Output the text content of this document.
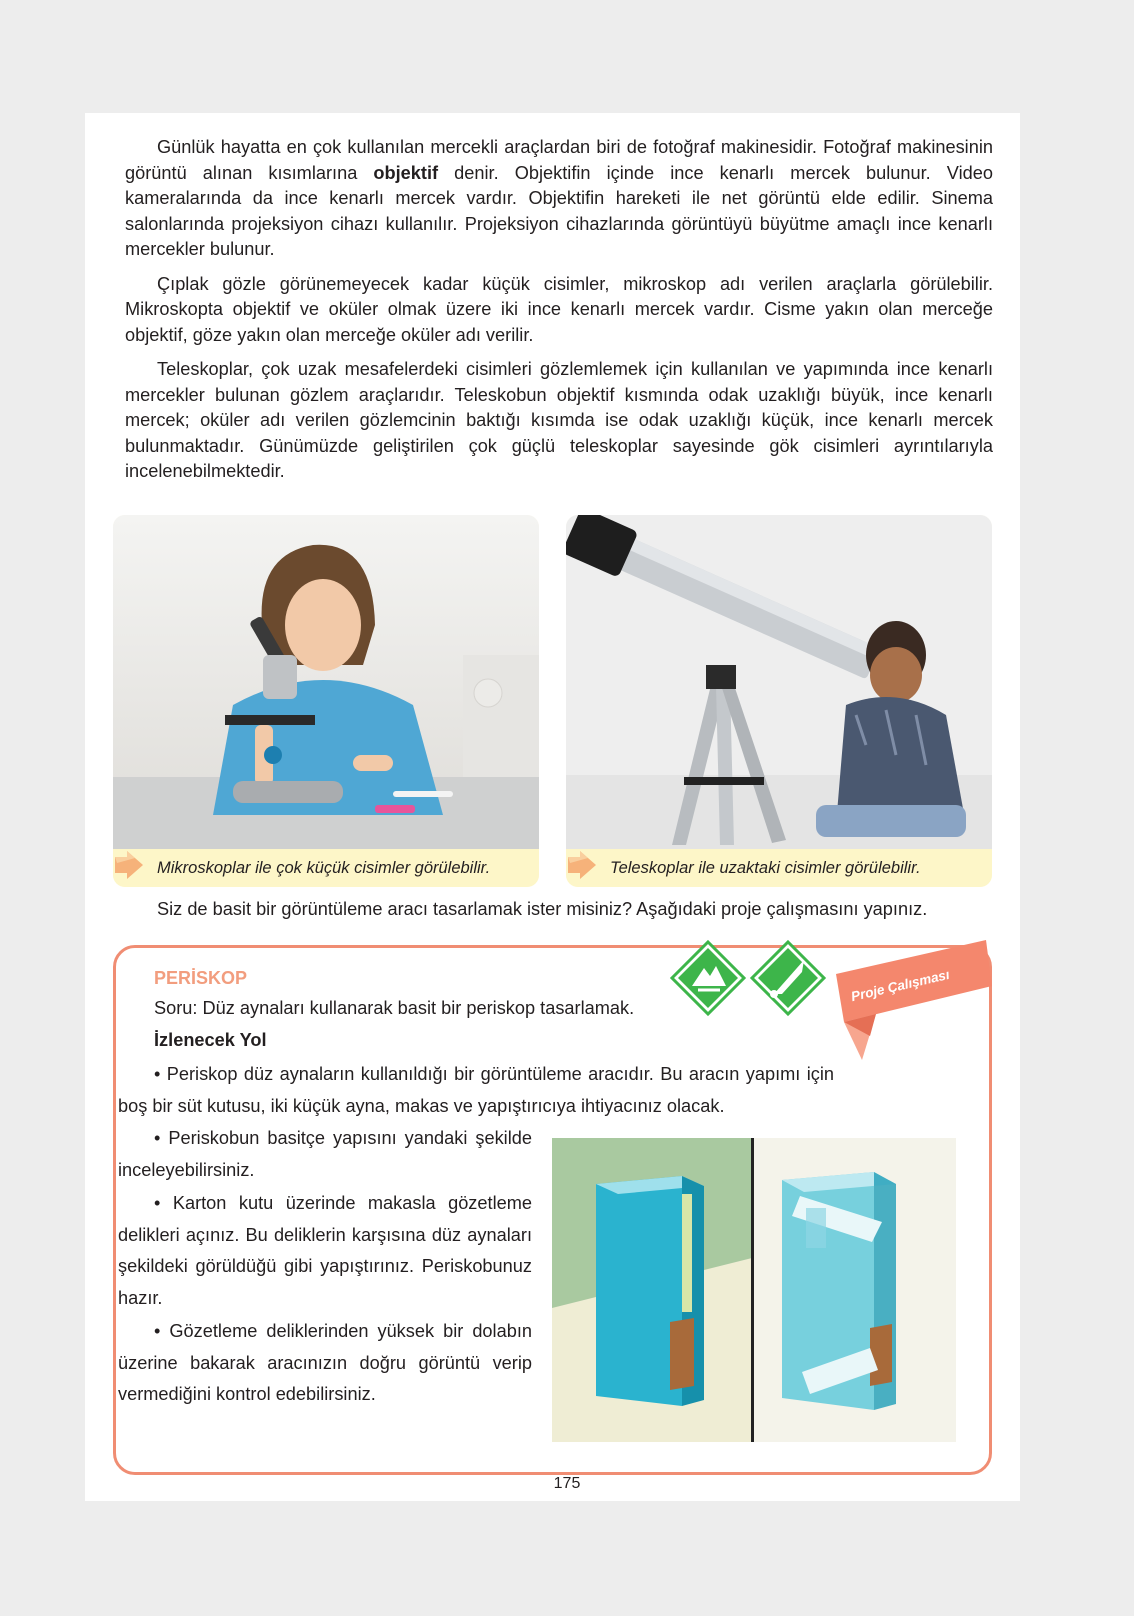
Günlük hayatta en çok kullanılan mercekli araçlardan biri de fotoğraf makinesidir. Fotoğraf makinesinin görüntü alınan kısımlarına objektif denir. Objektifin içinde ince kenarlı mercek bulunur. Video kameralarında da ince kenarlı mercek vardır. Objektifin hareketi ile net görüntü elde edilir. Sinema salonlarında projeksiyon cihazı kullanılır. Projeksiyon cihazlarında görüntüyü büyütme amaçlı ince kenarlı mercekler bulunur.

Çıplak gözle görünemeyecek kadar küçük cisimler, mikroskop adı verilen araçlarla görülebilir. Mikroskopta objektif ve oküler olmak üzere iki ince kenarlı mercek vardır. Cisme yakın olan merceğe objektif, göze yakın olan merceğe oküler adı verilir.

Teleskoplar, çok uzak mesafelerdeki cisimleri gözlemlemek için kullanılan ve yapımında ince kenarlı mercekler bulunan gözlem araçlarıdır. Teleskobun objektif kısmında odak uzaklığı büyük, ince kenarlı mercek; oküler adı verilen gözlemcinin baktığı kısımda ise odak uzaklığı küçük, ince kenarlı mercek bulunmaktadır. Günümüzde geliştirilen çok güçlü teleskoplar sayesinde gök cisimleri ayrıntılarıyla incelenebilmektedir.

Mikroskoplar ile çok küçük cisimler görülebilir.	Teleskoplar ile uzaktaki cisimler görülebilir.
Siz de basit bir görüntüleme aracı tasarlamak ister misiniz? Aşağıdaki proje çalışmasını yapınız.
Proje Çalışması
PERİSKOP
Soru: Düz aynaları kullanarak basit bir periskop tasarlamak.
İzlenecek Yol

• Periskop düz aynaların kullanıldığı bir görüntüleme aracıdır. Bu aracın yapımı için boş bir süt kutusu, iki küçük ayna, makas ve yapıştırıcıya ihtiyacınız olacak.

• Periskobun basitçe yapısını yandaki şekilde inceleyebilirsiniz.

• Karton kutu üzerinde makasla gözetleme delikleri açınız. Bu deliklerin karşısına düz aynaları şekildeki görüldüğü gibi yapıştırınız. Periskobunuz hazır.

• Gözetleme deliklerinden yüksek bir dolabın üzerine bakarak aracınızın doğru görüntü verip vermediğini kontrol edebilirsiniz.

175
